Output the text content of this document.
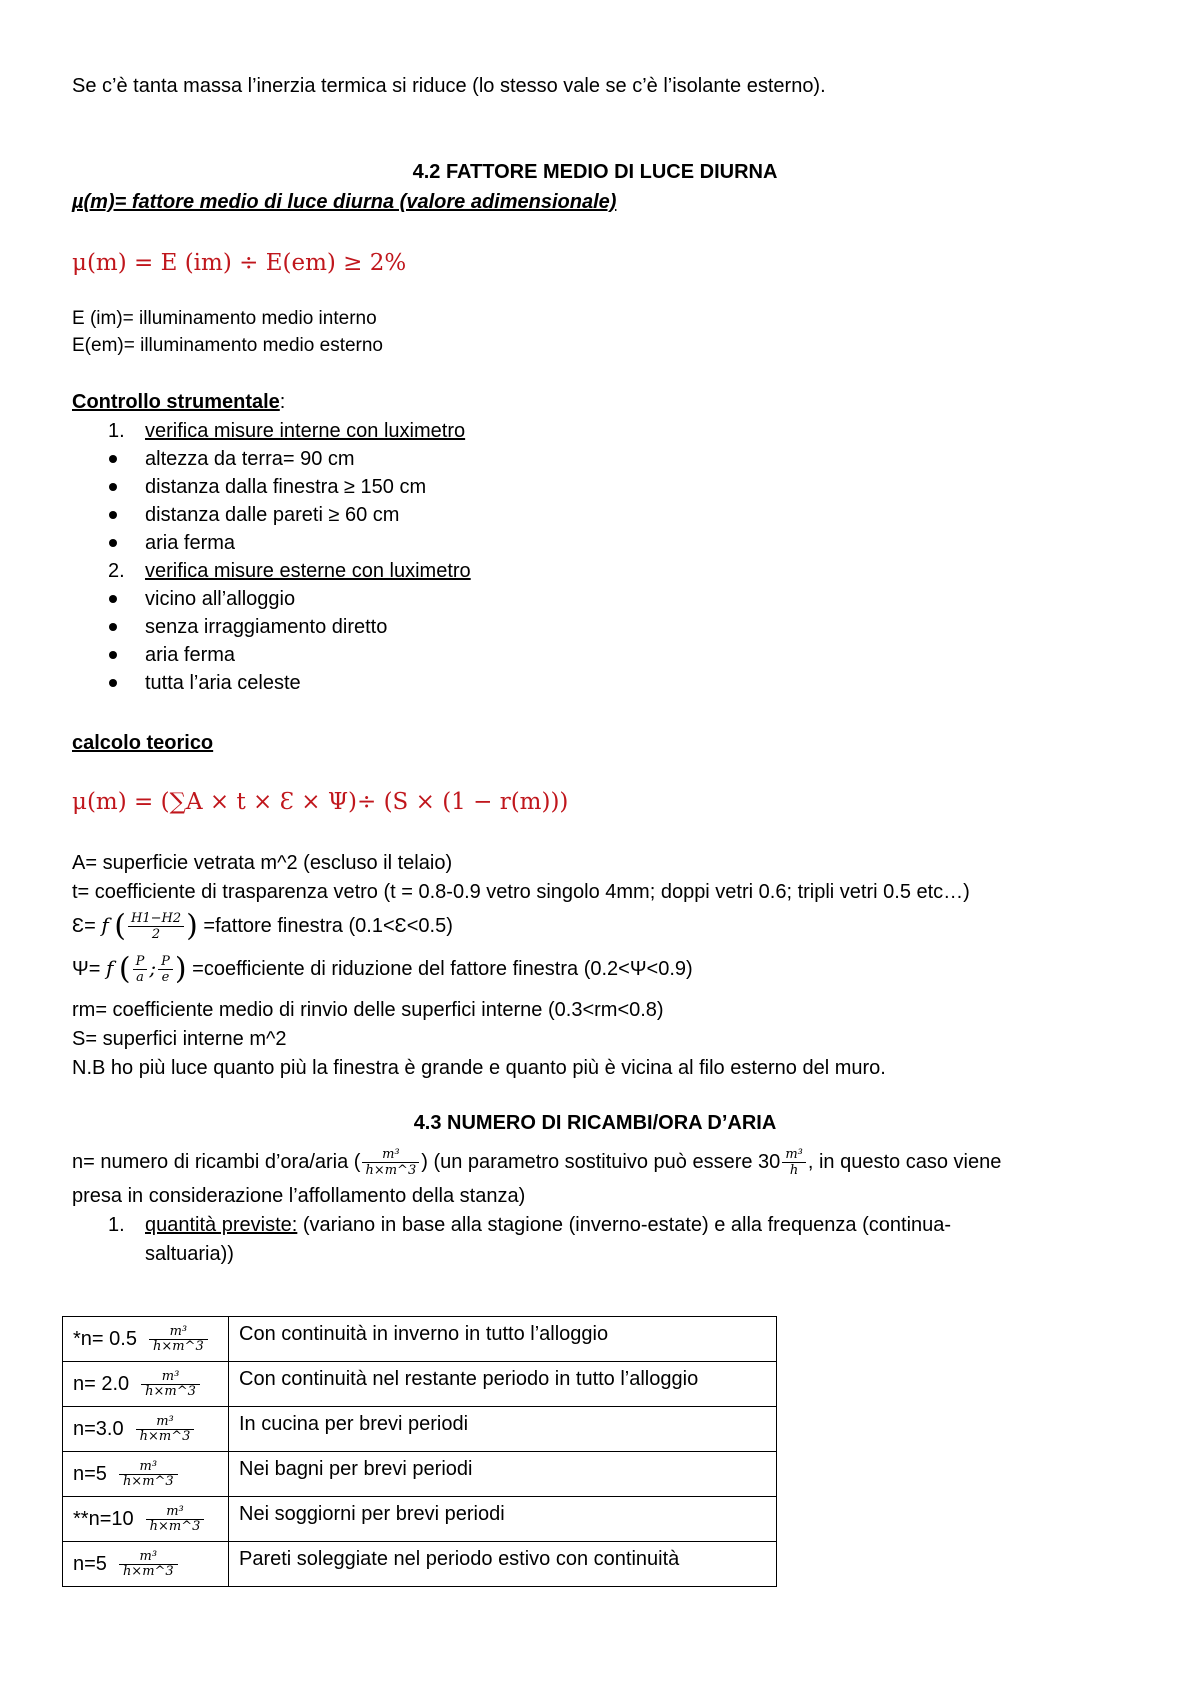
Se c’è tanta massa l’inerzia termica si riduce (lo stesso vale se c’è l’isolante esterno).
4.2 FATTORE MEDIO DI LUCE DIURNA
µ(m)= fattore medio di luce diurna (valore adimensionale)
μ(m) = E (im) ÷ E(em) ≥ 2%
E (im)= illuminamento medio interno
E(em)= illuminamento medio esterno
Controllo strumentale:
1. verifica misure interne con luximetro
altezza da terra= 90 cm
distanza dalla finestra ≥ 150 cm
distanza dalle pareti ≥ 60 cm
aria ferma
2. verifica misure esterne con luximetro
vicino all’alloggio
senza irraggiamento diretto
aria ferma
tutta l’aria celeste
calcolo teorico
μ(m) = (∑A × t × Ɛ × Ψ)÷ (S × (1 − r(m)))
A= superficie vetrata m^2 (escluso il telaio)
t= coefficiente di trasparenza vetro (t = 0.8-0.9 vetro singolo 4mm; doppi vetri 0.6; tripli vetri 0.5 etc…)
Ɛ= f ( $\frac{H1-H2}{2}$ ) =fattore finestra (0.1<Ɛ<0.5)
Ψ= f ( $\frac{P}{a}$ ; $\frac{P}{e}$ ) =coefficiente di riduzione del fattore finestra (0.2<Ψ<0.9)
rm= coefficiente medio di rinvio delle superfici interne (0.3<rm<0.8)
S= superfici interne m^2
N.B ho più luce quanto più la finestra è grande e quanto più è vicina al filo esterno del muro.
4.3 NUMERO DI RICAMBI/ORA D’ARIA
n= numero di ricambi d’ora/aria ( $\frac{\text{m³}}{h\times m\^{}3}$ ) (un parametro sostituivo può essere $30 \frac{\text{m³}}{h}$ , in questo caso viene
presa in considerazione l’affollamento della stanza)
1. quantità previste: (variano in base alla stagione (inverno-estate) e alla frequenza (continua-
saltuaria))
$*n= 0.5 \frac{\text{m³}}{h\times m\^{}3}$	Con continuità in inverno in tutto l’alloggio
$n= 2.0 \frac{\text{m³}}{h\times m\^{}3}$	Con continuità nel restante periodo in tutto l’alloggio
$n=3.0 \frac{\text{m³}}{h\times m\^{}3}$	In cucina per brevi periodi
$n=5 \frac{\text{m³}}{h\times m\^{}3}$	Nei bagni per brevi periodi
$**n=10 \frac{\text{m³}}{h\times m\^{}3}$	Nei soggiorni per brevi periodi
$n=5 \frac{\text{m³}}{h\times m\^{}3}$	Pareti soleggiate nel periodo estivo con continuità
